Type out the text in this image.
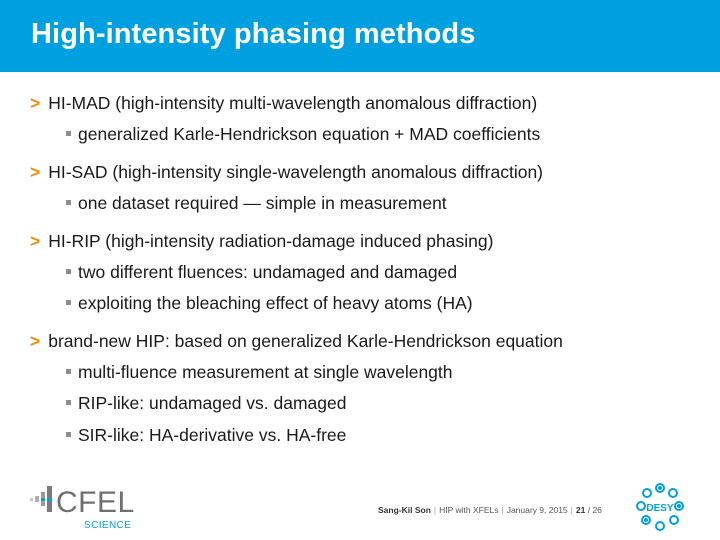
High-intensity phasing methods
> HI-MAD (high-intensity multi-wavelength anomalous diffraction)
generalized Karle-Hendrickson equation + MAD coefficients
> HI-SAD (high-intensity single-wavelength anomalous diffraction)
one dataset required — simple in measurement
> HI-RIP (high-intensity radiation-damage induced phasing)
two different fluences: undamaged and damaged
exploiting the bleaching effect of heavy atoms (HA)
> brand-new HIP: based on generalized Karle-Hendrickson equation
multi-fluence measurement at single wavelength
RIP-like: undamaged vs. damaged
SIR-like: HA-derivative vs. HA-free
CFEL
SCIENCE
Sang-Kil Son | HIP with XFELs | January 9, 2015 | 21 / 26	DESY
